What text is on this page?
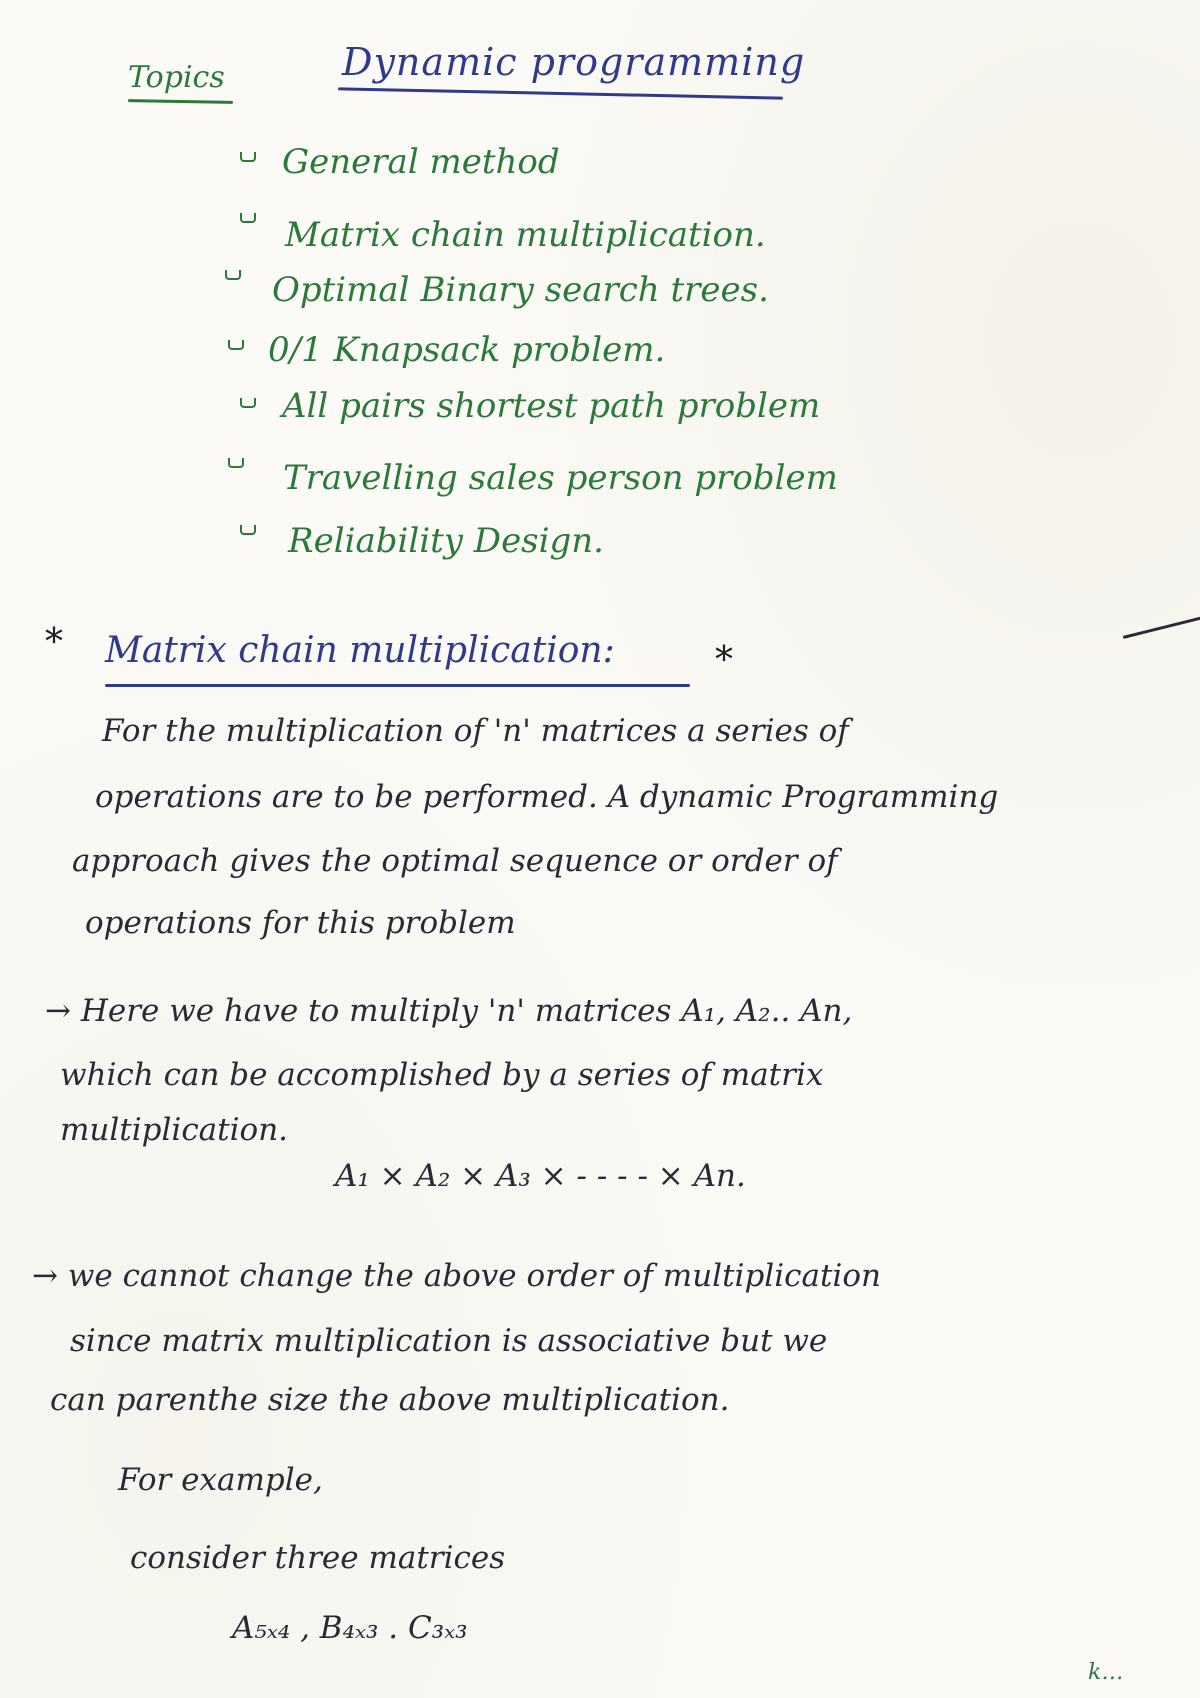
Topics	Dynamic programming
General method
Matrix chain multiplication.
Optimal Binary search trees.
0/1 Knapsack problem.
All pairs shortest path problem
Travelling sales person problem
Reliability Design.
* Matrix chain multiplication:	*
For the multiplication of 'n' matrices a series of
operations are to be performed. A dynamic Programming
approach gives the optimal sequence or order of
operations for this problem
→ Here we have to multiply 'n' matrices A₁, A₂.. An,
which can be accomplished by a series of matrix
multiplication.
A₁ × A₂ × A₃ × - - - - × An.
→ we cannot change the above order of multiplication
since matrix multiplication is associative but we
can parenthe size the above multiplication.
For example,
consider three matrices
A₅ₓ₄ , B₄ₓ₃ . C₃ₓ₃
k…
